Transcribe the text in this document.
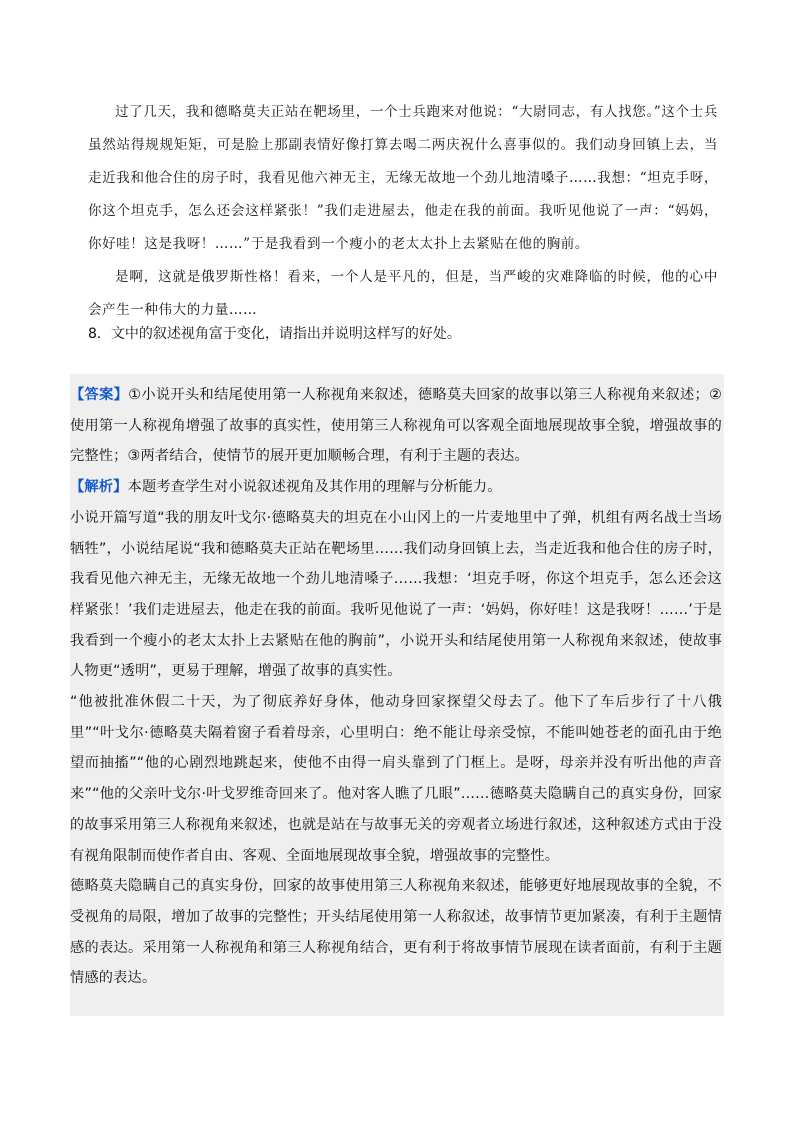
过了几天，我和德略莫夫正站在靶场里，一个士兵跑来对他说：“大尉同志，有人找您。”这个士兵虽然站得规规矩矩，可是脸上那副表情好像打算去喝二两庆祝什么喜事似的。我们动身回镇上去，当走近我和他合住的房子时，我看见他六神无主，无缘无故地一个劲儿地清嗓子……我想：“坦克手呀，你这个坦克手，怎么还会这样紧张！”我们走进屋去，他走在我的前面。我听见他说了一声：“妈妈，你好哇！这是我呀！……”于是我看到一个瘦小的老太太扑上去紧贴在他的胸前。

是啊，这就是俄罗斯性格！看来，一个人是平凡的，但是，当严峻的灾难降临的时候，他的心中会产生一种伟大的力量……

8．文中的叙述视角富于变化，请指出并说明这样写的好处。

【答案】①小说开头和结尾使用第一人称视角来叙述，德略莫夫回家的故事以第三人称视角来叙述；②使用第一人称视角增强了故事的真实性，使用第三人称视角可以客观全面地展现故事全貌，增强故事的完整性；③两者结合，使情节的展开更加顺畅合理，有利于主题的表达。

【解析】本题考查学生对小说叙述视角及其作用的理解与分析能力。

小说开篇写道“我的朋友叶戈尔·德略莫夫的坦克在小山冈上的一片麦地里中了弹，机组有两名战士当场牺牲”，小说结尾说“我和德略莫夫正站在靶场里……我们动身回镇上去，当走近我和他合住的房子时，我看见他六神无主，无缘无故地一个劲儿地清嗓子……我想：‘坦克手呀，你这个坦克手，怎么还会这样紧张！’我们走进屋去，他走在我的前面。我听见他说了一声：‘妈妈，你好哇！这是我呀！……’于是我看到一个瘦小的老太太扑上去紧贴在他的胸前”，小说开头和结尾使用第一人称视角来叙述，使故事人物更“透明”，更易于理解，增强了故事的真实性。

“他被批准休假二十天，为了彻底养好身体，他动身回家探望父母去了。他下了车后步行了十八俄里”“叶戈尔·德略莫夫隔着窗子看着母亲，心里明白：绝不能让母亲受惊，不能叫她苍老的面孔由于绝望而抽搐”“他的心剧烈地跳起来，使他不由得一肩头靠到了门框上。是呀，母亲并没有听出他的声音来”“他的父亲叶戈尔·叶戈罗维奇回来了。他对客人瞧了几眼”……德略莫夫隐瞒自己的真实身份，回家的故事采用第三人称视角来叙述，也就是站在与故事无关的旁观者立场进行叙述，这种叙述方式由于没有视角限制而使作者自由、客观、全面地展现故事全貌，增强故事的完整性。

德略莫夫隐瞒自己的真实身份，回家的故事使用第三人称视角来叙述，能够更好地展现故事的全貌，不受视角的局限，增加了故事的完整性；开头结尾使用第一人称叙述，故事情节更加紧凑，有利于主题情感的表达。采用第一人称视角和第三人称视角结合，更有利于将故事情节展现在读者面前，有利于主题情感的表达。
